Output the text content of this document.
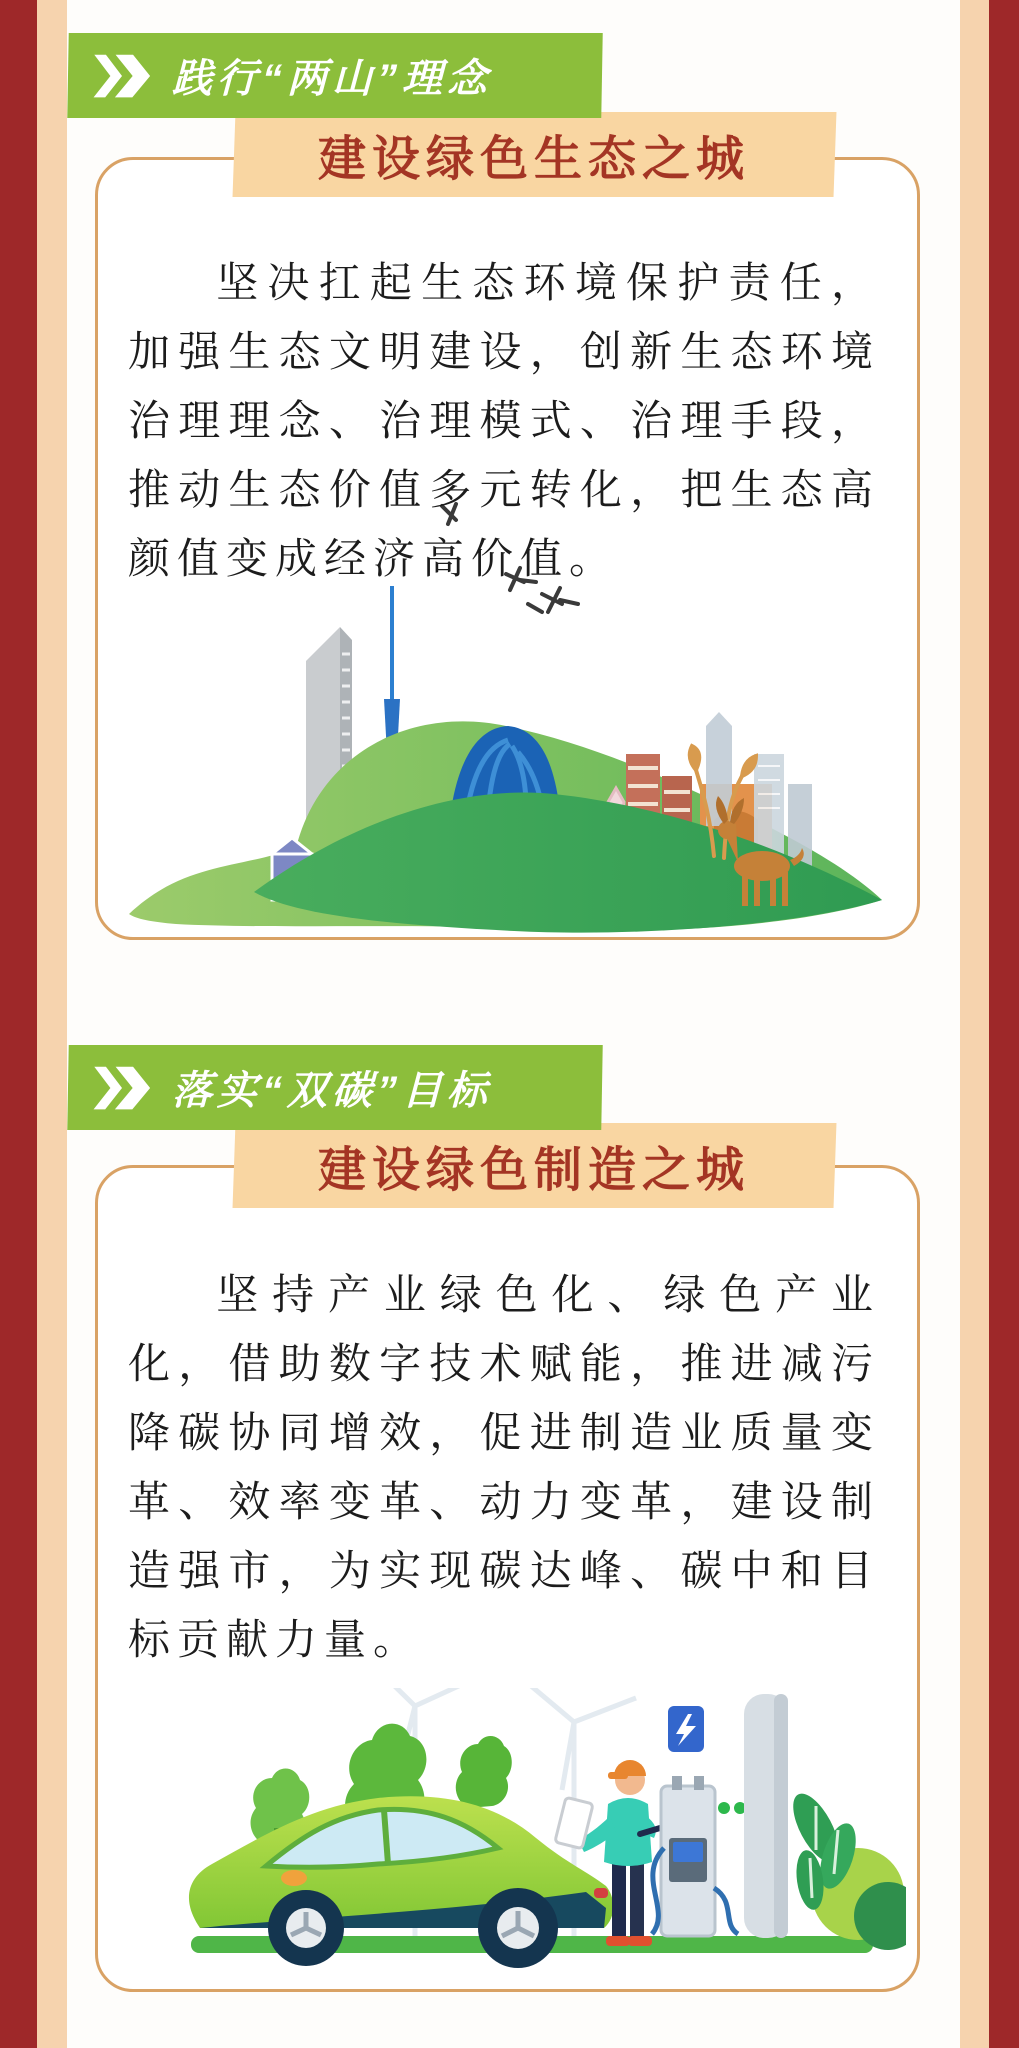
践行“两山”理念
建设绿色生态之城
坚决扛起生态环境保护责任，加强生态文明建设，创新生态环境治理理念、治理模式、治理手段，推动生态价值多元转化，把生态高颜值变成经济高价值。
落实“双碳”目标
建设绿色制造之城
坚持产业绿色化、绿色产业化，借助数字技术赋能，推进减污降碳协同增效，促进制造业质量变革、效率变革、动力变革，建设制造强市，为实现碳达峰、碳中和目标贡献力量。
